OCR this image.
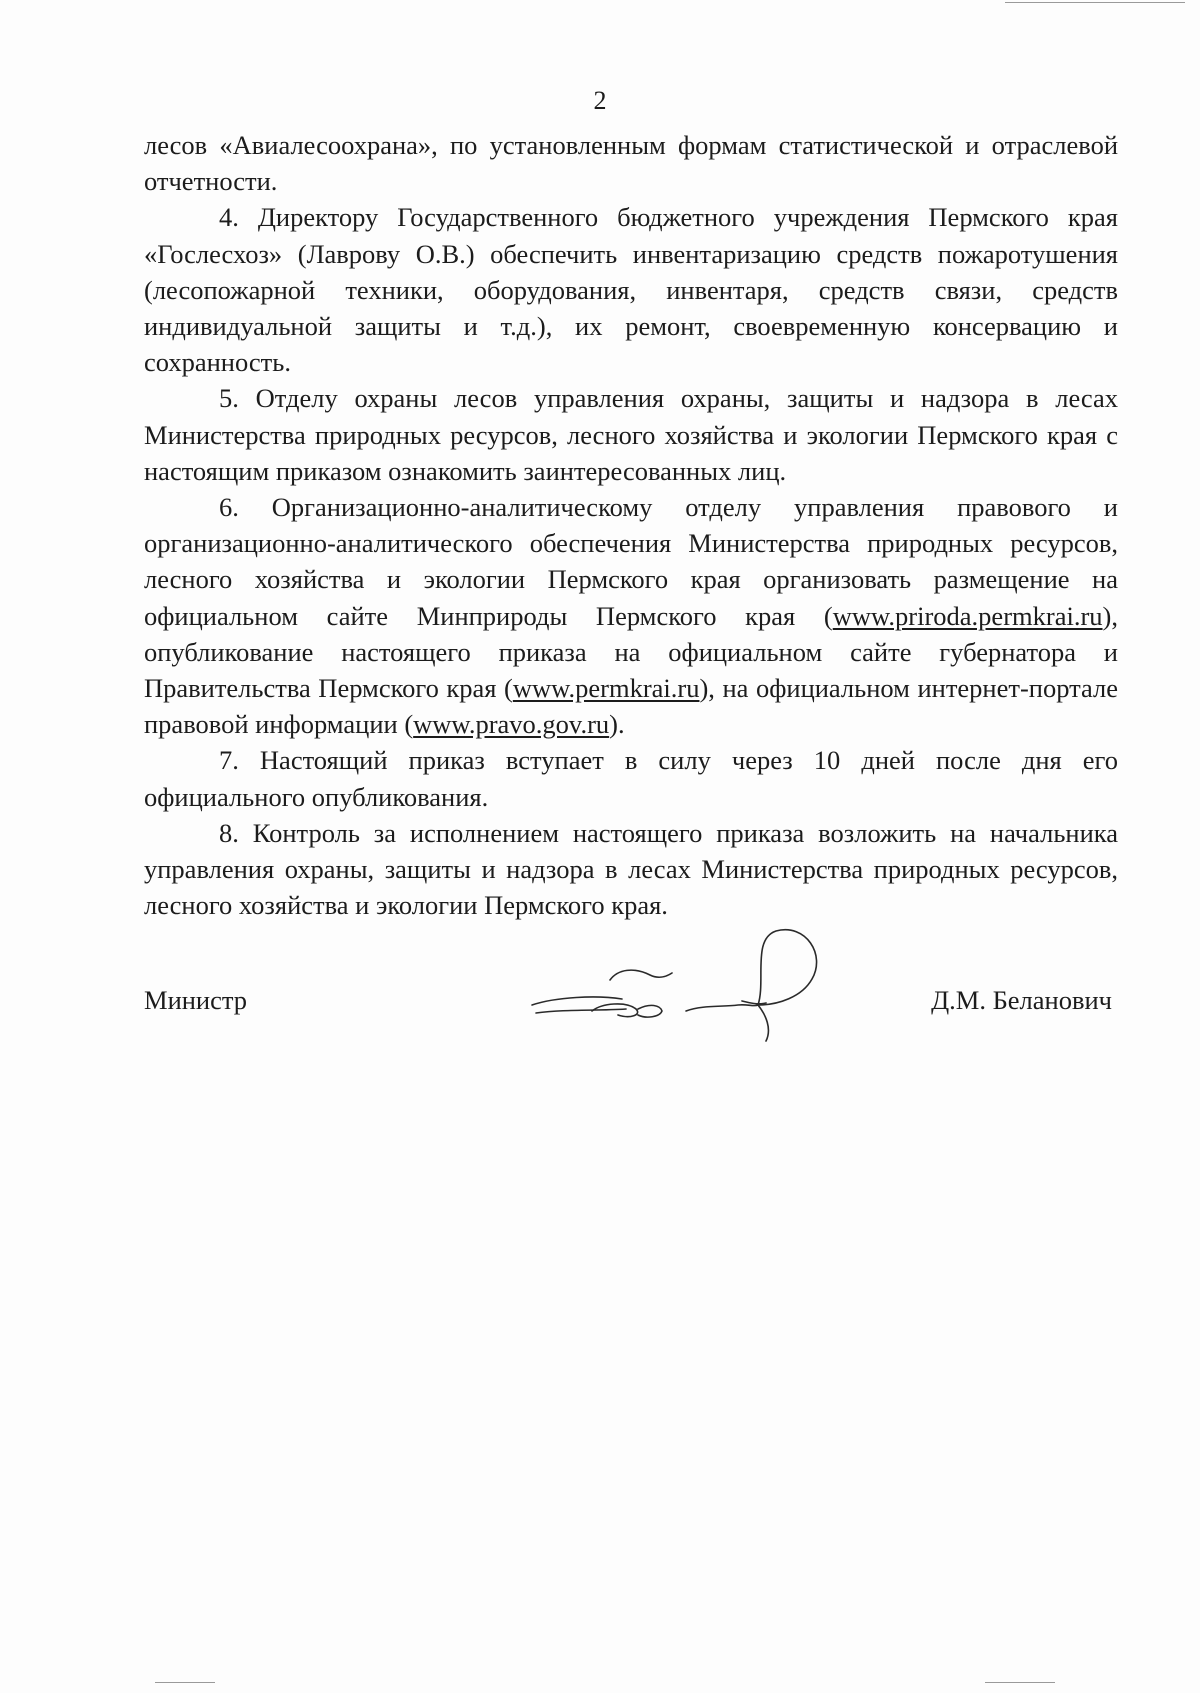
2

лесов «Авиалесоохрана», по установленным формам статистической и отраслевой отчетности.

4. Директору Государственного бюджетного учреждения Пермского края «Гослесхоз» (Лаврову О.В.) обеспечить инвентаризацию средств пожаротушения (лесопожарной техники, оборудования, инвентаря, средств связи, средств индивидуальной защиты и т.д.), их ремонт, своевременную консервацию и сохранность.

5. Отделу охраны лесов управления охраны, защиты и надзора в лесах Министерства природных ресурсов, лесного хозяйства и экологии Пермского края с настоящим приказом ознакомить заинтересованных лиц.

6. Организационно-аналитическому отделу управления правового и организационно-аналитического обеспечения Министерства природных ресурсов, лесного хозяйства и экологии Пермского края организовать размещение на официальном сайте Минприроды Пермского края (www.priroda.permkrai.ru), опубликование настоящего приказа на официальном сайте губернатора и Правительства Пермского края (www.permkrai.ru), на официальном интернет-портале правовой информации (www.pravo.gov.ru).

7. Настоящий приказ вступает в силу через 10 дней после дня его официального опубликования.

8. Контроль за исполнением настоящего приказа возложить на начальника управления охраны, защиты и надзора в лесах Министерства природных ресурсов, лесного хозяйства и экологии Пермского края.

Министр	Д.М. Беланович
